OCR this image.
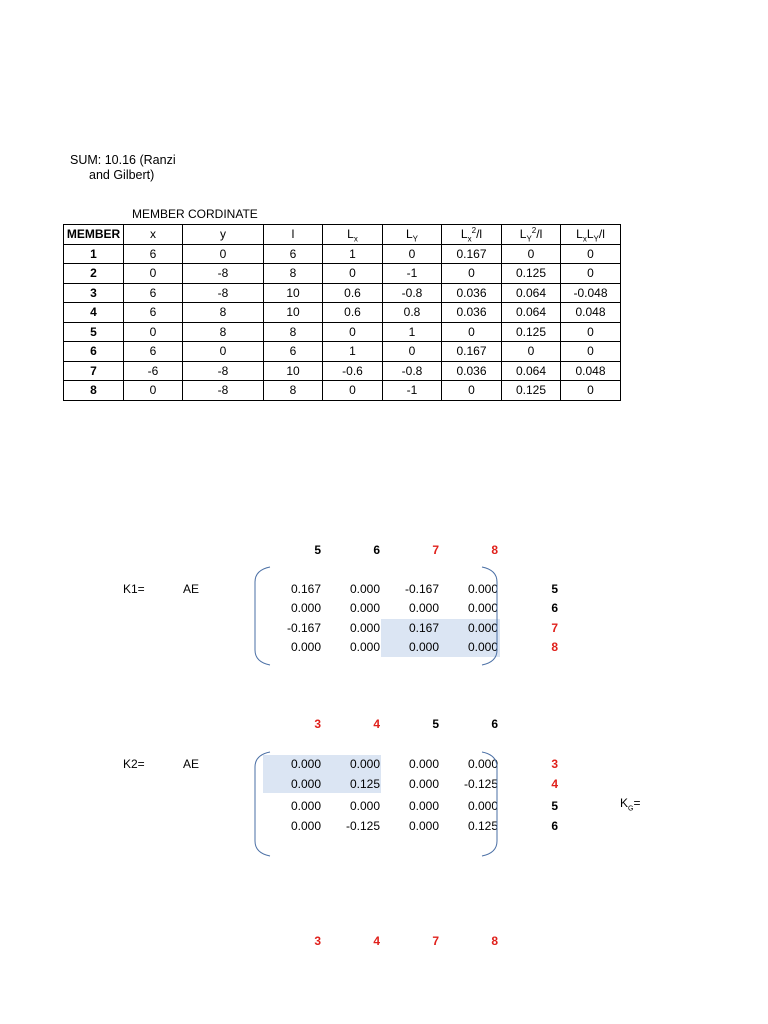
SUM: 10.16 (Ranzi
and Gilbert)
MEMBER CORDINATE
MEMBER	x	y	l	$L_x$	$L_Y$	$L_x^2/l$	$L_Y^2/l$	$L_xL_Y/l$
1	6	0	6	1	0	0.167	0	0
2	0	-8	8	0	-1	0	0.125	0
3	6	-8	10	0.6	-0.8	0.036	0.064	-0.048
4	6	8	10	0.6	0.8	0.036	0.064	0.048
5	0	8	8	0	1	0	0.125	0
6	6	0	6	1	0	0.167	0	0
7	-6	-8	10	-0.6	-0.8	0.036	0.064	0.048
8	0	-8	8	0	-1	0	0.125	0
5	6	7	8
K1=	AE	0.167	0.000	-0.167	0.000	5
0.000	0.000	0.000	0.000	6
-0.167	0.000	0.167	0.000	7
0.000	0.000	0.000	0.000	8
3	4	5	6
K2=	AE	0.000	0.000	0.000	0.000	3
0.000	0.125	0.000	-0.125	4
0.000	0.000	0.000	0.000	5
0.000	-0.125	0.000	0.125	6
$K_G=$
3	4	7	8
